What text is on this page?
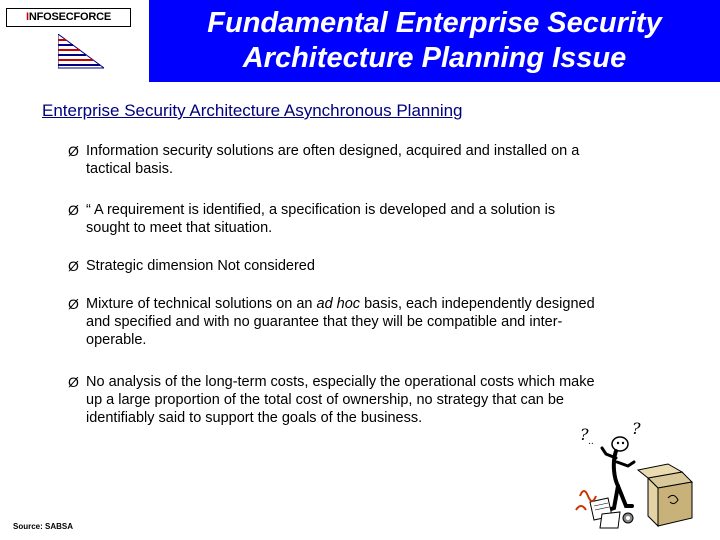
INFOSECFORCE	Fundamental Enterprise Security
Architecture Planning Issue
Enterprise Security Architecture Asynchronous Planning
Ø Information security solutions are often designed, acquired and installed on a
tactical basis.
Ø “ A requirement is identified, a specification is developed and a solution is
sought to meet that situation.
Ø Strategic dimension Not considered
Ø Mixture of technical solutions on an ad hoc basis, each independently designed
and specified and with no guarantee that they will be compatible and inter-
operable.
Ø No analysis of the long-term costs, especially the operational costs which make
up a large proportion of the total cost of ownership, no strategy that can be
identifiably said to support the goals of the business.
? ..
?
Source: SABSA
